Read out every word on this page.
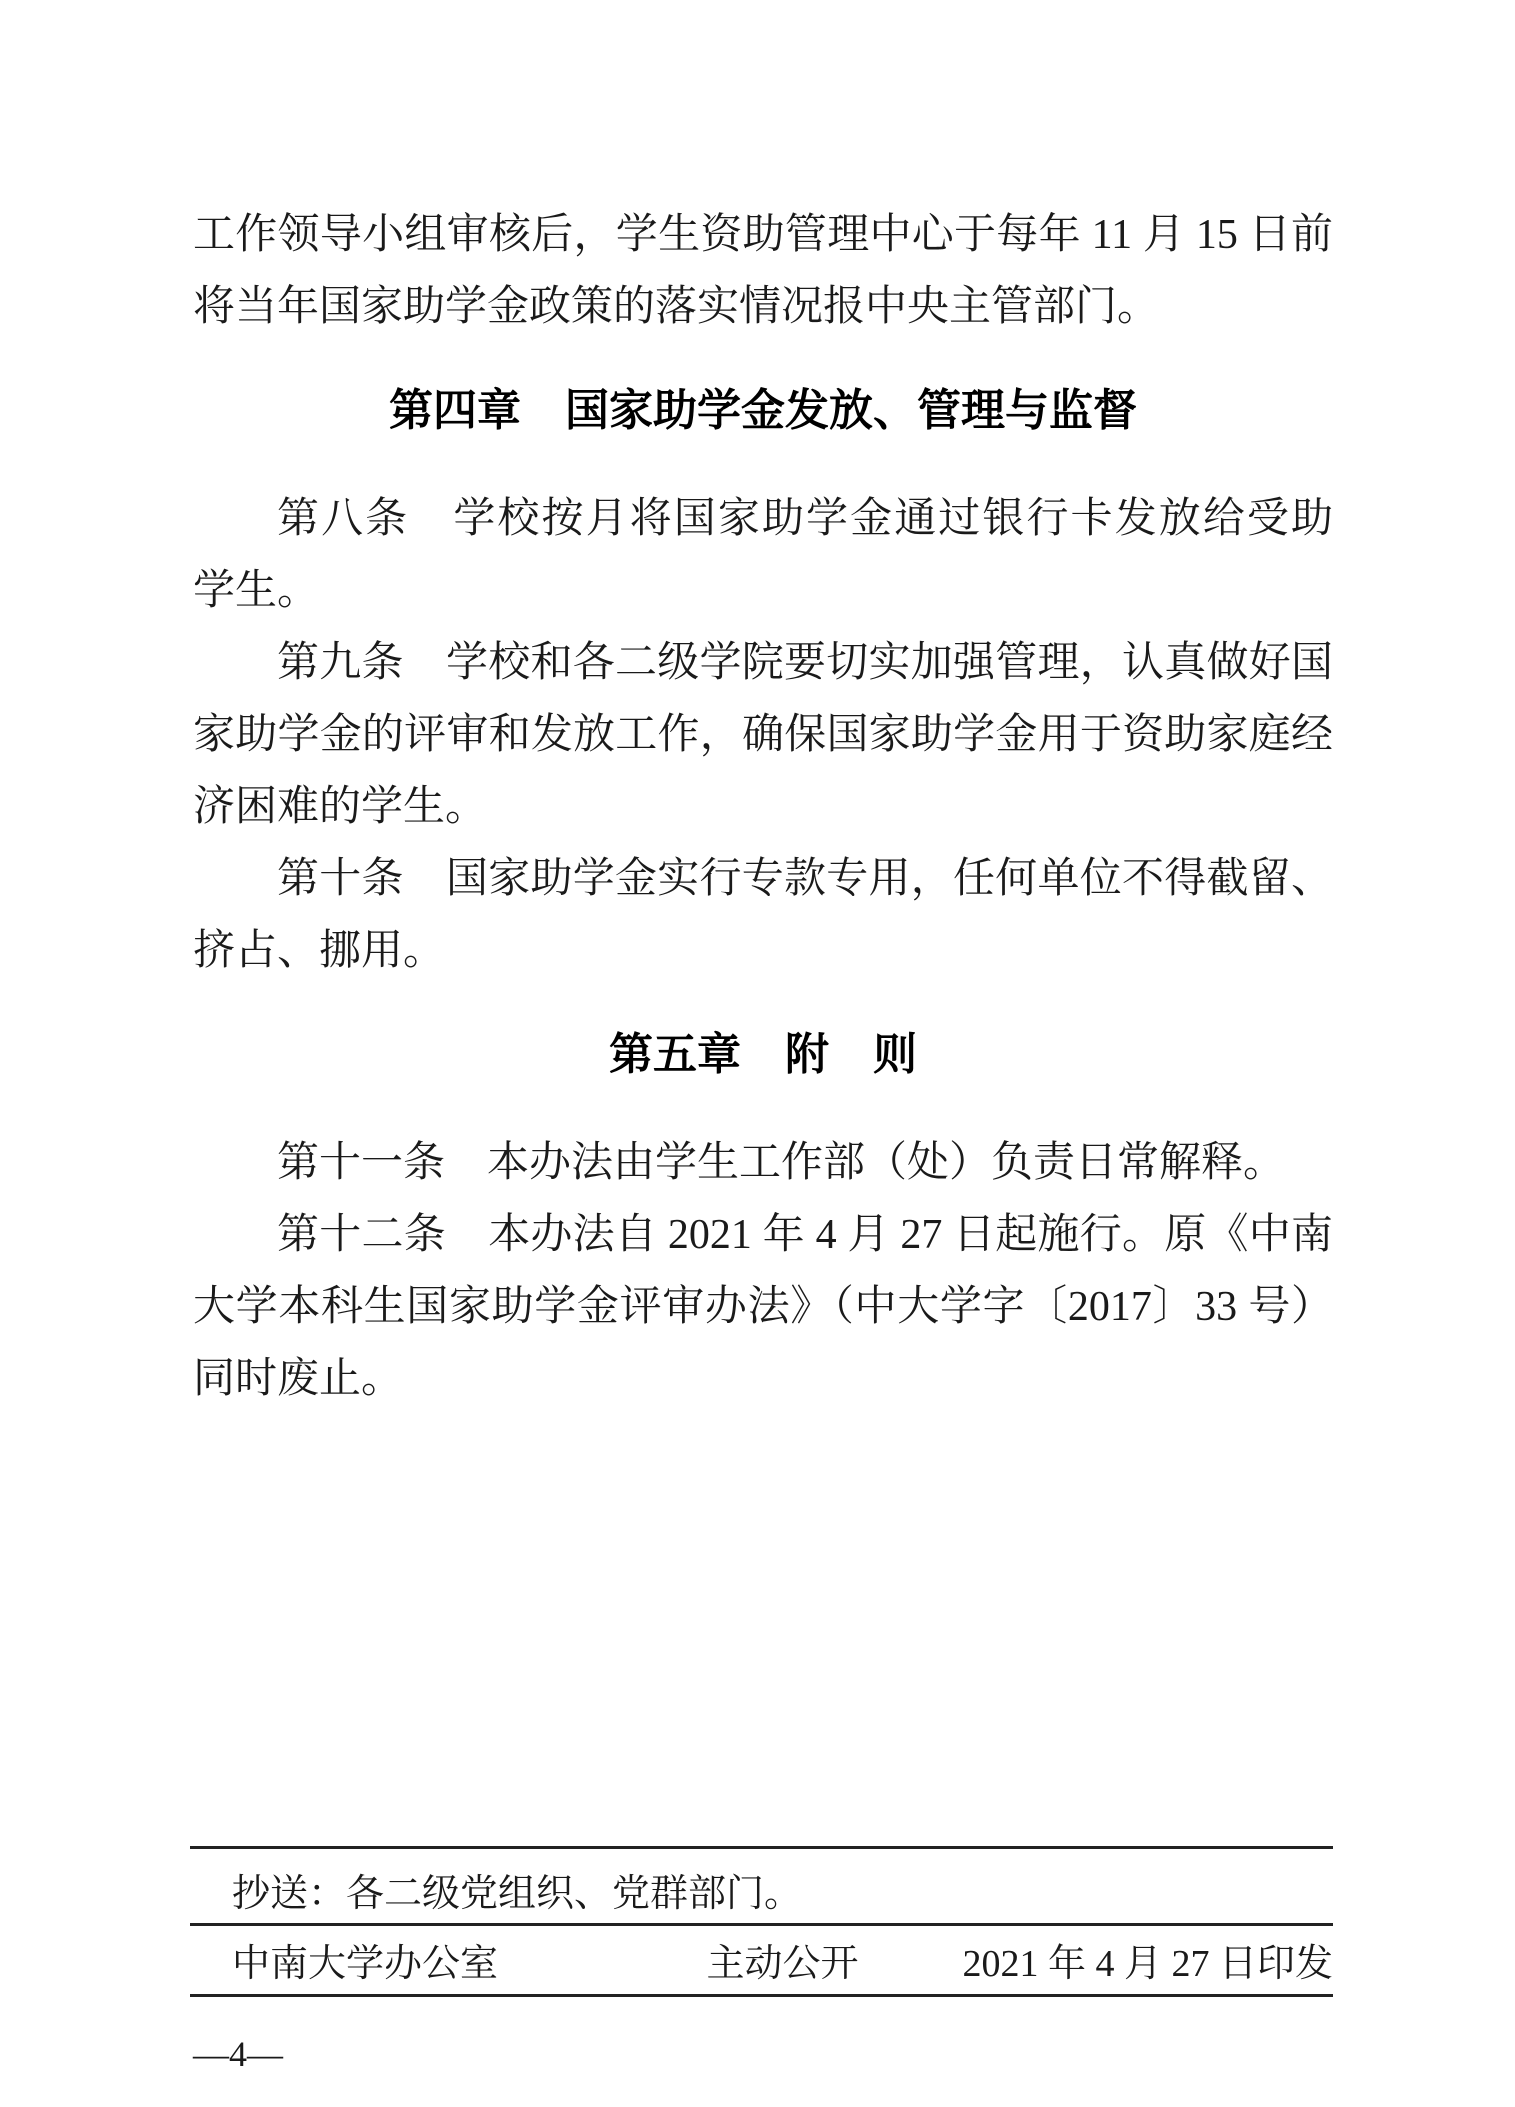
工作领导小组审核后，学生资助管理中心于每年 11 月 15 日前
将当年国家助学金政策的落实情况报中央主管部门。
第四章　国家助学金发放、管理与监督
第八条　学校按月将国家助学金通过银行卡发放给受助
学生。
第九条　学校和各二级学院要切实加强管理，认真做好国
家助学金的评审和发放工作，确保国家助学金用于资助家庭经
济困难的学生。
第十条　国家助学金实行专款专用，任何单位不得截留、
挤占、挪用。
第五章　附　则
第十一条　本办法由学生工作部（处）负责日常解释。
第十二条　本办法自 2021 年 4 月 27 日起施行。原《中南
大学本科生国家助学金评审办法》（中大学字〔2017〕33 号）
同时废止。
抄送：各二级党组织、党群部门。
中南大学办公室	主动公开	2021 年 4 月 27 日印发
—4—
